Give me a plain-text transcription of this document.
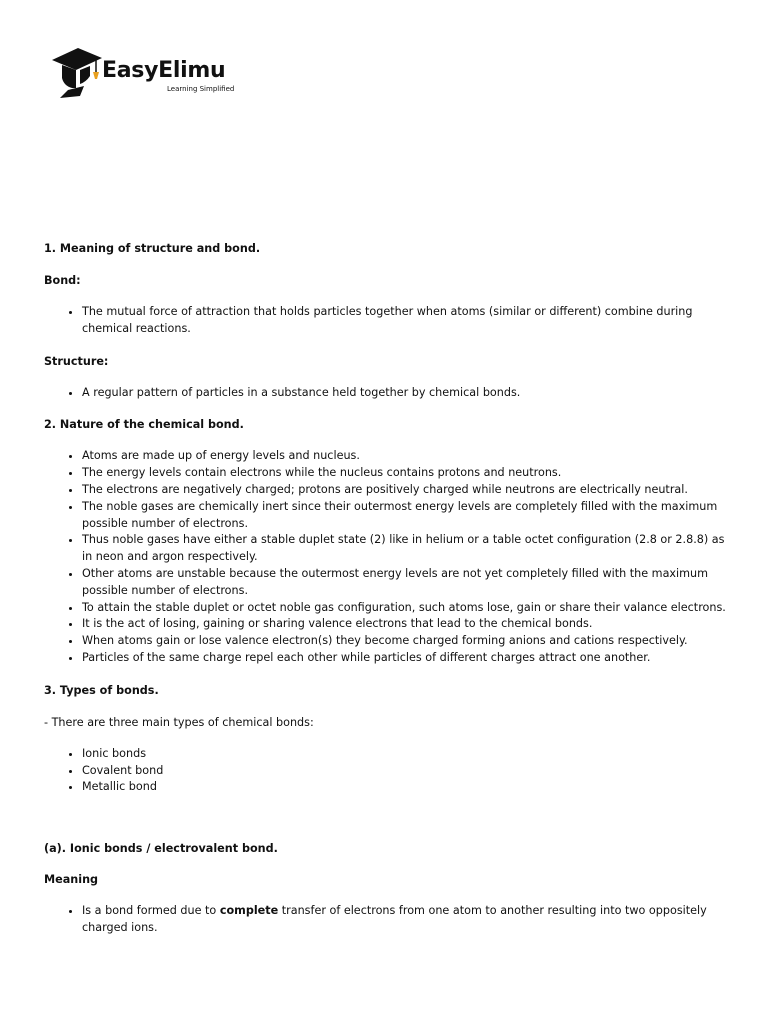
EasyElimu
Learning Simplified
1. Meaning of structure and bond.
Bond:
• The mutual force of attraction that holds particles together when atoms (similar or different) combine during chemical reactions.
Structure:
• A regular pattern of particles in a substance held together by chemical bonds.
2. Nature of the chemical bond.
• Atoms are made up of energy levels and nucleus.
• The energy levels contain electrons while the nucleus contains protons and neutrons.
• The electrons are negatively charged; protons are positively charged while neutrons are electrically neutral.
• The noble gases are chemically inert since their outermost energy levels are completely filled with the maximum possible number of electrons.
• Thus noble gases have either a stable duplet state (2) like in helium or a table octet configuration (2.8 or 2.8.8) as in neon and argon respectively.
• Other atoms are unstable because the outermost energy levels are not yet completely filled with the maximum possible number of electrons.
• To attain the stable duplet or octet noble gas configuration, such atoms lose, gain or share their valance electrons.
• It is the act of losing, gaining or sharing valence electrons that lead to the chemical bonds.
• When atoms gain or lose valence electron(s) they become charged forming anions and cations respectively.
• Particles of the same charge repel each other while particles of different charges attract one another.
3. Types of bonds.

- There are three main types of chemical bonds:

• Ionic bonds
• Covalent bond
• Metallic bond
(a). Ionic bonds / electrovalent bond.
Meaning
• Is a bond formed due to complete transfer of electrons from one atom to another resulting into two oppositely charged ions.
